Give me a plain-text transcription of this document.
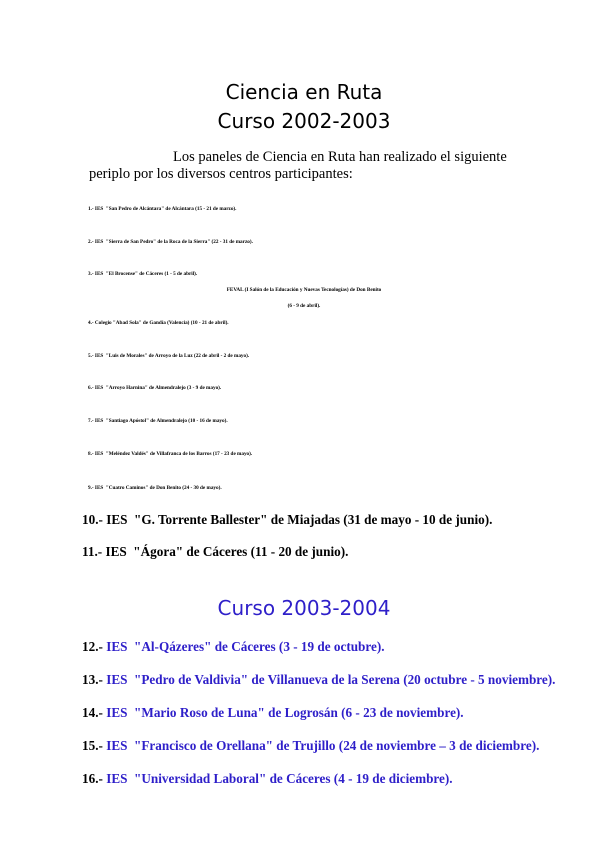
Ciencia en Ruta
Curso 2002-2003

Los paneles de Ciencia en Ruta han realizado el siguiente
periplo por los diversos centros participantes:

1.- IES  "San Pedro de Alcántara" de Alcántara (15 - 21 de marzo).
2.- IES  "Sierra de San Pedro" de la Roca de la Sierra" (22 - 31 de marzo).
3.- IES  "El Brocense" de Cáceres (1 - 5 de abril).
FEVAL (I Salón de la Educación y Nuevas Tecnologías) de Don Benito
(6 - 9 de abril).
4.- Colegio "Abad Sola" de Gandía (Valencia) (10 - 21 de abril).
5.- IES  "Luis de Morales" de Arroyo de la Luz (22 de abril - 2 de mayo).
6.- IES  "Arroyo Harnina" de Almendralejo (3 - 9 de mayo).
7.- IES  "Santiago Apóstol" de Almendralejo (10 - 16 de mayo).
8.- IES  "Meléndez Valdés" de Villafranca de los Barros (17 - 23 de mayo).
9.- IES  "Cuatro Caminos" de Don Benito (24 - 30 de mayo).
10.- IES  "G. Torrente Ballester" de Miajadas (31 de mayo - 10 de junio).
11.- IES  "Ágora" de Cáceres (11 - 20 de junio).
Curso 2003-2004
12.- IES  "Al-Qázeres" de Cáceres (3 - 19 de octubre).
13.- IES  "Pedro de Valdivia" de Villanueva de la Serena (20 octubre - 5 noviembre).
14.- IES  "Mario Roso de Luna" de Logrosán (6 - 23 de noviembre).
15.- IES  "Francisco de Orellana" de Trujillo (24 de noviembre – 3 de diciembre).
16.- IES  "Universidad Laboral" de Cáceres (4 - 19 de diciembre).
